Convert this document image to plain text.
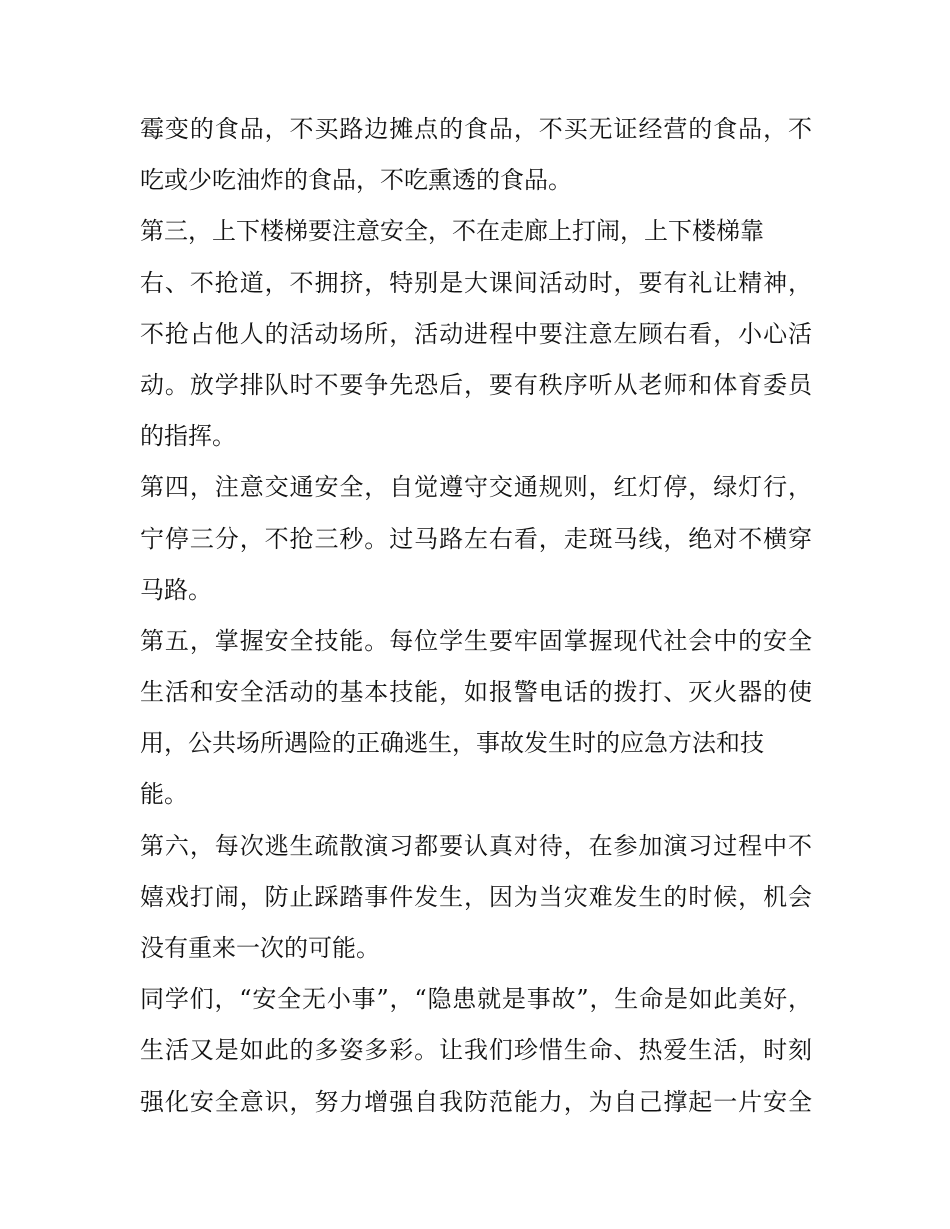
霉变的食品，不买路边摊点的食品，不买无证经营的食品，不
吃或少吃油炸的食品，不吃熏透的食品。
第三，上下楼梯要注意安全，不在走廊上打闹，上下楼梯靠
右、不抢道，不拥挤，特别是大课间活动时，要有礼让精神，
不抢占他人的活动场所，活动进程中要注意左顾右看，小心活
动。放学排队时不要争先恐后，要有秩序听从老师和体育委员
的指挥。
第四，注意交通安全，自觉遵守交通规则，红灯停，绿灯行，
宁停三分，不抢三秒。过马路左右看，走斑马线，绝对不横穿
马路。
第五，掌握安全技能。每位学生要牢固掌握现代社会中的安全
生活和安全活动的基本技能，如报警电话的拨打、灭火器的使
用，公共场所遇险的正确逃生，事故发生时的应急方法和技
能。
第六，每次逃生疏散演习都要认真对待，在参加演习过程中不
嬉戏打闹，防止踩踏事件发生，因为当灾难发生的时候，机会
没有重来一次的可能。
同学们，“安全无小事”，“隐患就是事故”，生命是如此美好，
生活又是如此的多姿多彩。让我们珍惜生命、热爱生活，时刻
强化安全意识，努力增强自我防范能力，为自己撑起一片安全
